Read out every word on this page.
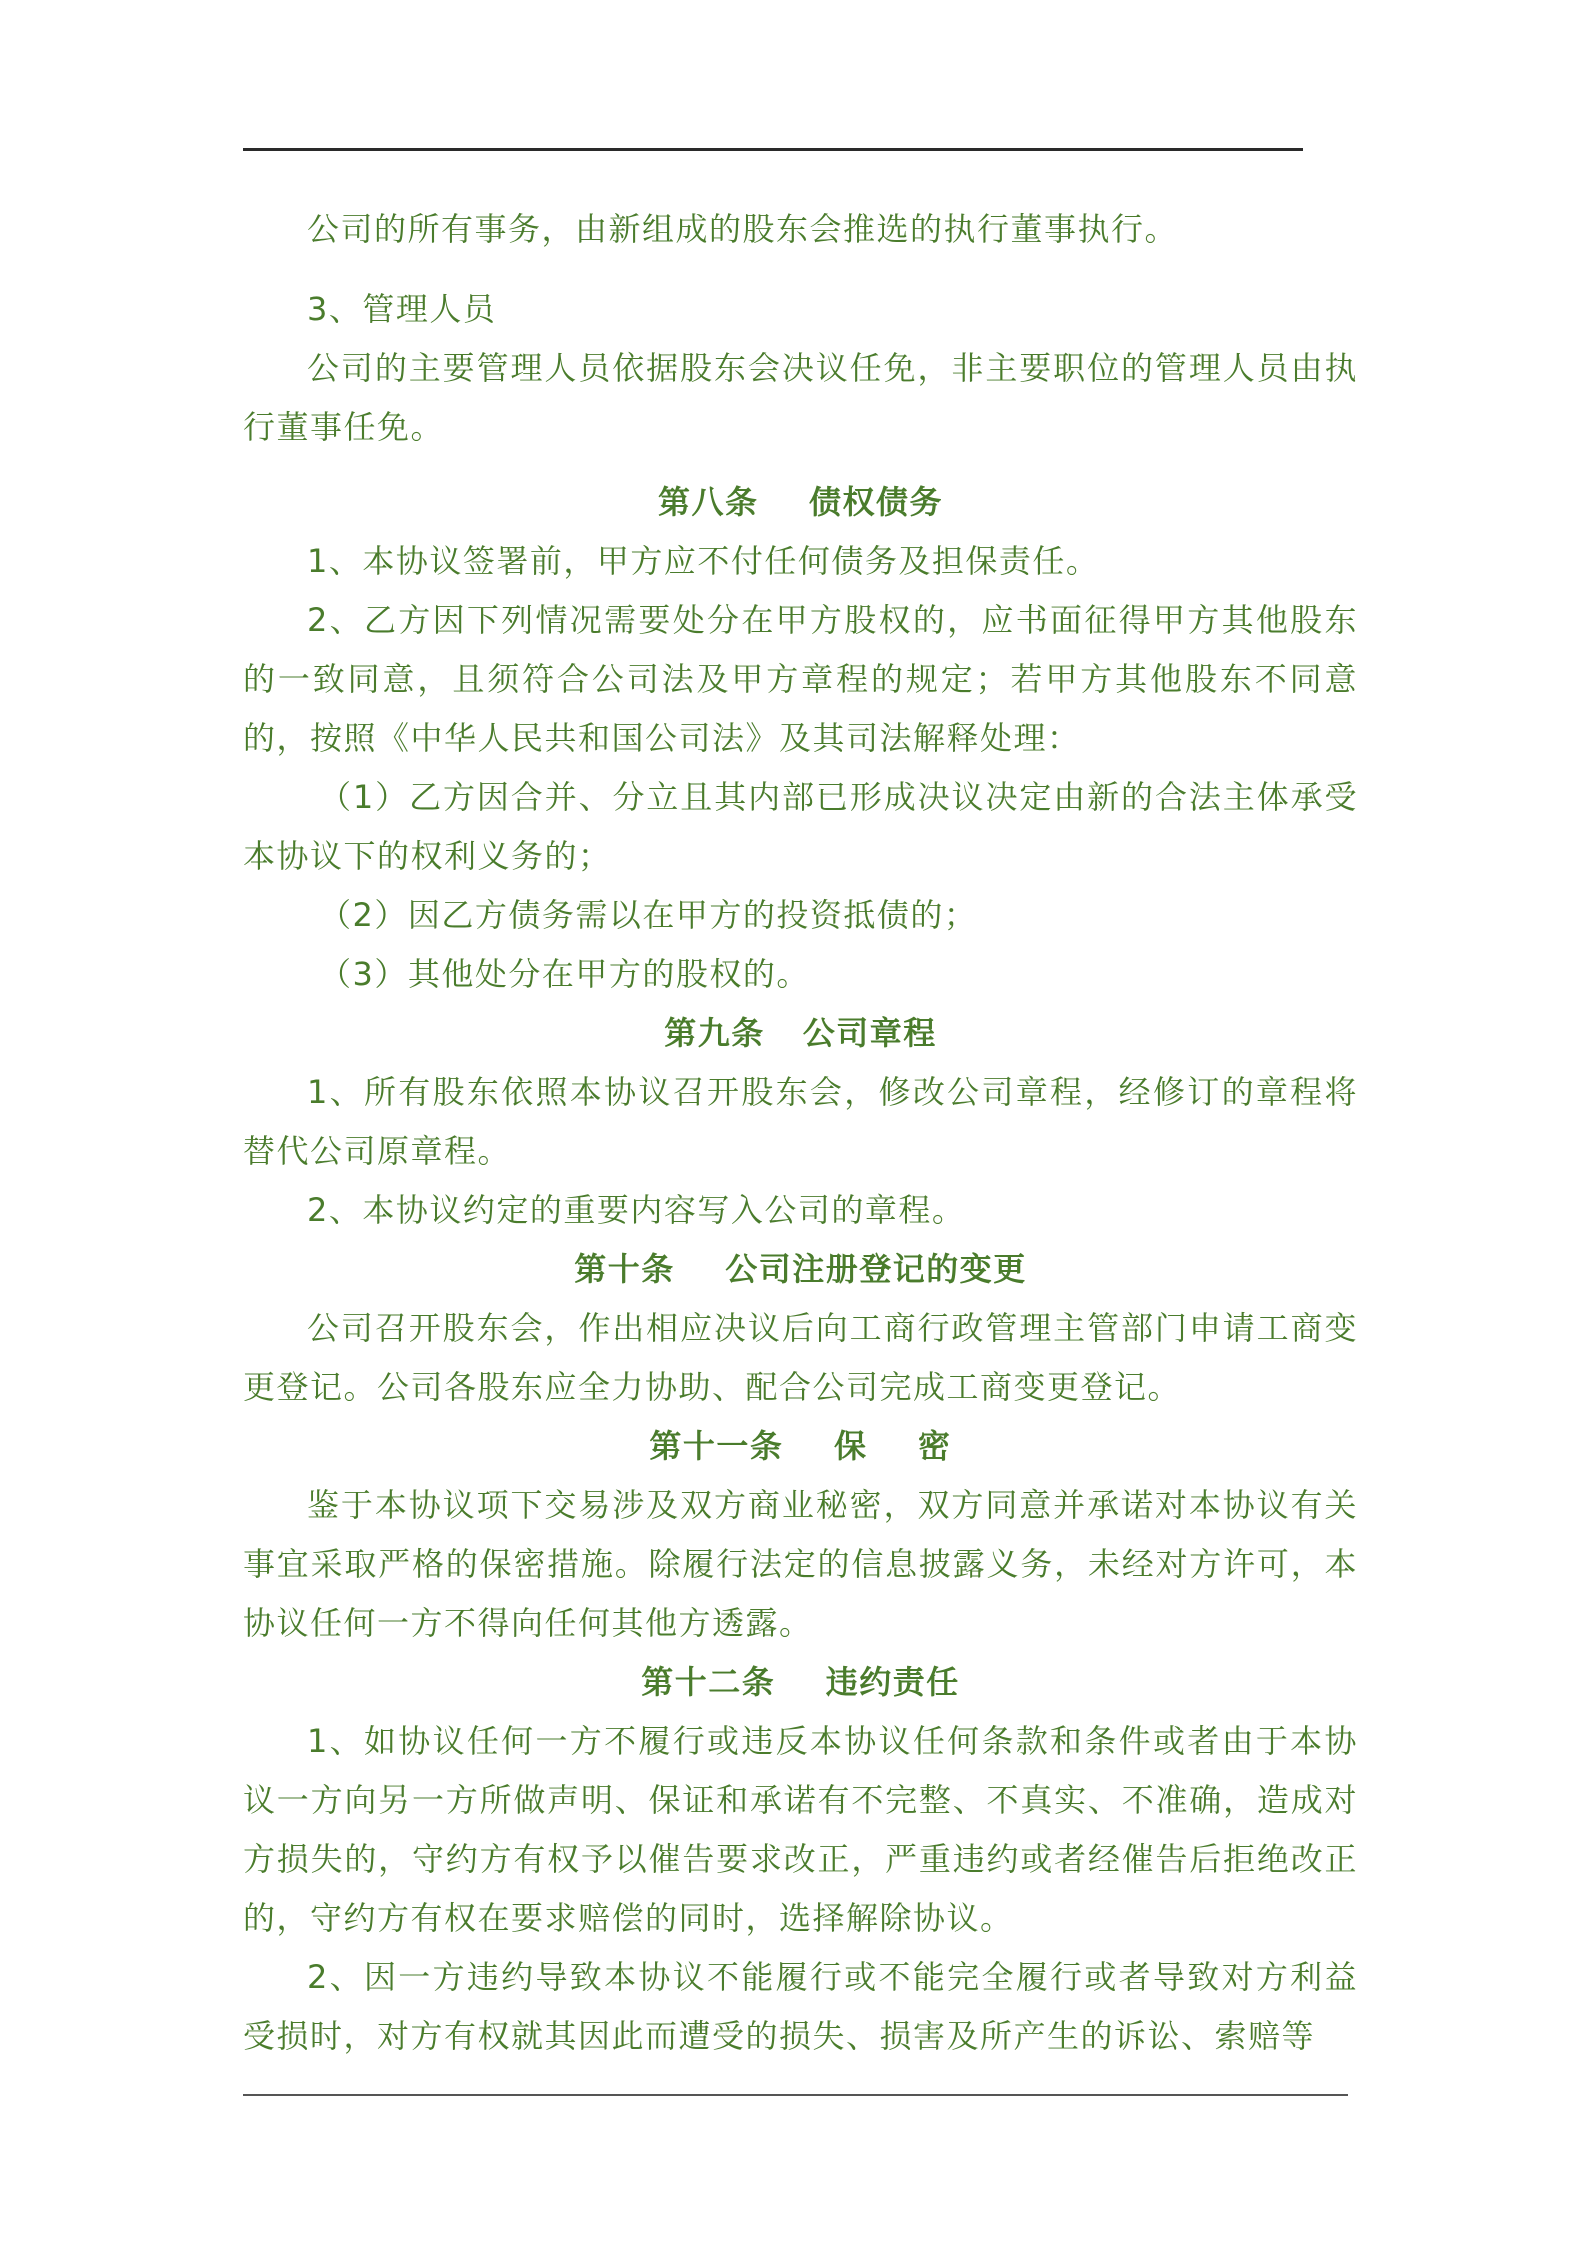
公司的所有事务，由新组成的股东会推选的执行董事执行。

3、管理人员

公司的主要管理人员依据股东会决议任免，非主要职位的管理人员由执行董事任免。

第八条    债权债务

1、本协议签署前，甲方应不付任何债务及担保责任。

2、乙方因下列情况需要处分在甲方股权的，应书面征得甲方其他股东的一致同意，且须符合公司法及甲方章程的规定；若甲方其他股东不同意的，按照《中华人民共和国公司法》及其司法解释处理：

（1）乙方因合并、分立且其内部已形成决议决定由新的合法主体承受本协议下的权利义务的；

（2）因乙方债务需以在甲方的投资抵债的；

（3）其他处分在甲方的股权的。

第九条   公司章程

1、所有股东依照本协议召开股东会，修改公司章程，经修订的章程将替代公司原章程。

2、本协议约定的重要内容写入公司的章程。

第十条    公司注册登记的变更

公司召开股东会，作出相应决议后向工商行政管理主管部门申请工商变更登记。公司各股东应全力协助、配合公司完成工商变更登记。

第十一条    保    密

鉴于本协议项下交易涉及双方商业秘密，双方同意并承诺对本协议有关事宜采取严格的保密措施。除履行法定的信息披露义务，未经对方许可，本协议任何一方不得向任何其他方透露。

第十二条    违约责任

1、如协议任何一方不履行或违反本协议任何条款和条件或者由于本协议一方向另一方所做声明、保证和承诺有不完整、不真实、不准确，造成对方损失的，守约方有权予以催告要求改正，严重违约或者经催告后拒绝改正的，守约方有权在要求赔偿的同时，选择解除协议。

2、因一方违约导致本协议不能履行或不能完全履行或者导致对方利益受损时，对方有权就其因此而遭受的损失、损害及所产生的诉讼、索赔等
